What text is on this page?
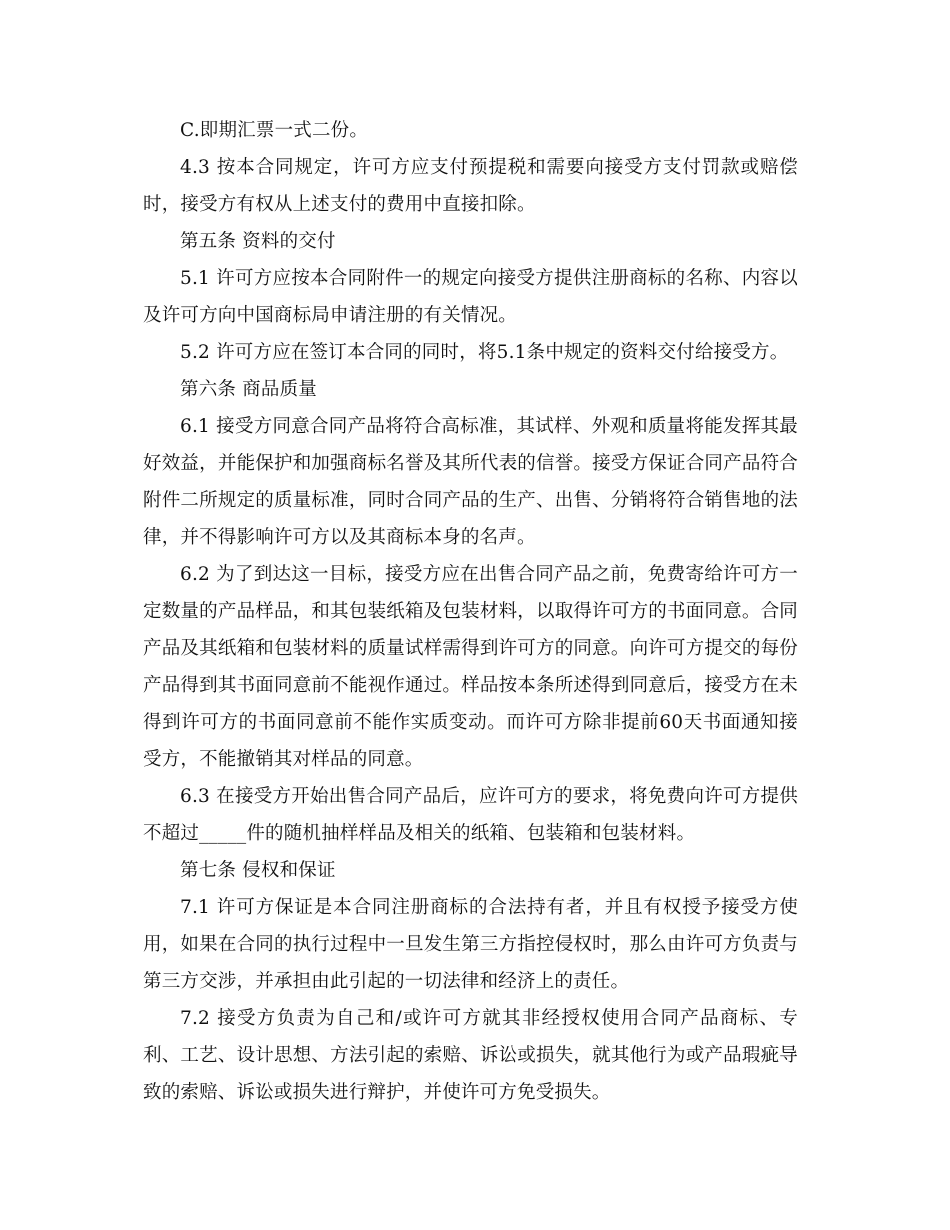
C.即期汇票一式二份。

4.3 按本合同规定，许可方应支付预提税和需要向接受方支付罚款或赔偿时，接受方有权从上述支付的费用中直接扣除。

第五条 资料的交付

5.1 许可方应按本合同附件一的规定向接受方提供注册商标的名称、内容以及许可方向中国商标局申请注册的有关情况。

5.2 许可方应在签订本合同的同时，将5.1条中规定的资料交付给接受方。

第六条 商品质量

6.1 接受方同意合同产品将符合高标准，其试样、外观和质量将能发挥其最好效益，并能保护和加强商标名誉及其所代表的信誉。接受方保证合同产品符合附件二所规定的质量标准，同时合同产品的生产、出售、分销将符合销售地的法律，并不得影响许可方以及其商标本身的名声。

6.2 为了到达这一目标，接受方应在出售合同产品之前，免费寄给许可方一定数量的产品样品，和其包装纸箱及包装材料，以取得许可方的书面同意。合同产品及其纸箱和包装材料的质量试样需得到许可方的同意。向许可方提交的每份产品得到其书面同意前不能视作通过。样品按本条所述得到同意后，接受方在未得到许可方的书面同意前不能作实质变动。而许可方除非提前60天书面通知接受方，不能撤销其对样品的同意。

6.3 在接受方开始出售合同产品后，应许可方的要求，将免费向许可方提供不超过_____件的随机抽样样品及相关的纸箱、包装箱和包装材料。

第七条 侵权和保证

7.1 许可方保证是本合同注册商标的合法持有者，并且有权授予接受方使用，如果在合同的执行过程中一旦发生第三方指控侵权时，那么由许可方负责与第三方交涉，并承担由此引起的一切法律和经济上的责任。

7.2 接受方负责为自己和/或许可方就其非经授权使用合同产品商标、专利、工艺、设计思想、方法引起的索赔、诉讼或损失，就其他行为或产品瑕疵导致的索赔、诉讼或损失进行辩护，并使许可方免受损失。
